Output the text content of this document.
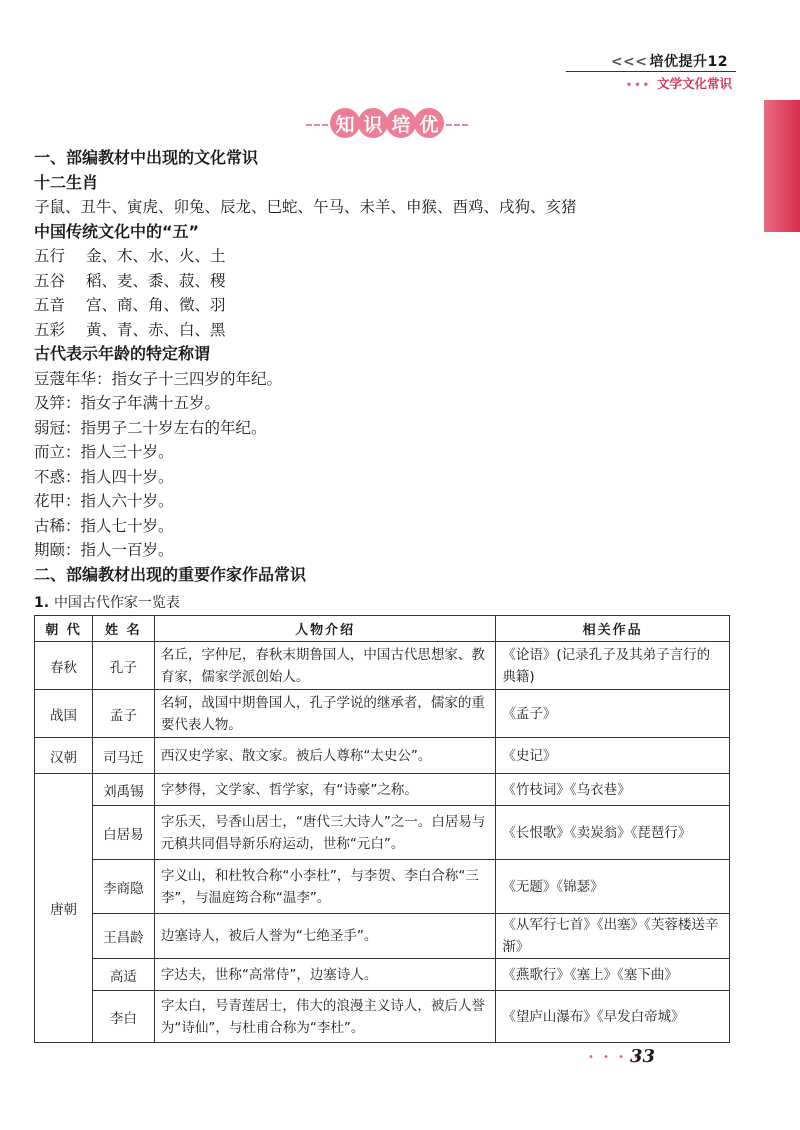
<<< 培优提升12
••• 文学文化常识
知 识 培 优
一、部编教材中出现的文化常识
十二生肖
子鼠、丑牛、寅虎、卯兔、辰龙、巳蛇、午马、未羊、申猴、酉鸡、戌狗、亥猪
中国传统文化中的“五”
五行 金、木、水、火、土
五谷 稻、麦、黍、菽、稷
五音 宫、商、角、徵、羽
五彩 黄、青、赤、白、黑
古代表示年龄的特定称谓
豆蔻年华：指女子十三四岁的年纪。
及笄：指女子年满十五岁。
弱冠：指男子二十岁左右的年纪。
而立：指人三十岁。
不惑：指人四十岁。
花甲：指人六十岁。
古稀：指人七十岁。
期颐：指人一百岁。
二、部编教材出现的重要作家作品常识
1. 中国古代作家一览表
朝 代	姓 名	人物介绍	相关作品
春秋	孔子	名丘，字仲尼，春秋末期鲁国人，中国古代思想家、教育家，儒家学派创始人。	《论语》(记录孔子及其弟子言行的典籍)
战国	孟子	名轲，战国中期鲁国人，孔子学说的继承者，儒家的重要代表人物。	《孟子》
汉朝	司马迁	西汉史学家、散文家。被后人尊称“太史公”。	《史记》
唐朝	刘禹锡	字梦得，文学家、哲学家，有“诗豪”之称。	《竹枝词》《乌衣巷》
	白居易	字乐天，号香山居士，“唐代三大诗人”之一。白居易与元稹共同倡导新乐府运动，世称“元白”。	《长恨歌》《卖炭翁》《琵琶行》
	李商隐	字义山，和杜牧合称“小李杜”，与李贺、李白合称“三李”，与温庭筠合称“温李”。	《无题》《锦瑟》
	王昌龄	边塞诗人，被后人誉为“七绝圣手”。	《从军行七首》《出塞》《芙蓉楼送辛渐》
	高适	字达夫，世称“高常侍”，边塞诗人。	《燕歌行》《塞上》《塞下曲》
	李白	字太白，号青莲居士，伟大的浪漫主义诗人，被后人誉为“诗仙”，与杜甫合称为“李杜”。	《望庐山瀑布》《早发白帝城》
• • • •
33
